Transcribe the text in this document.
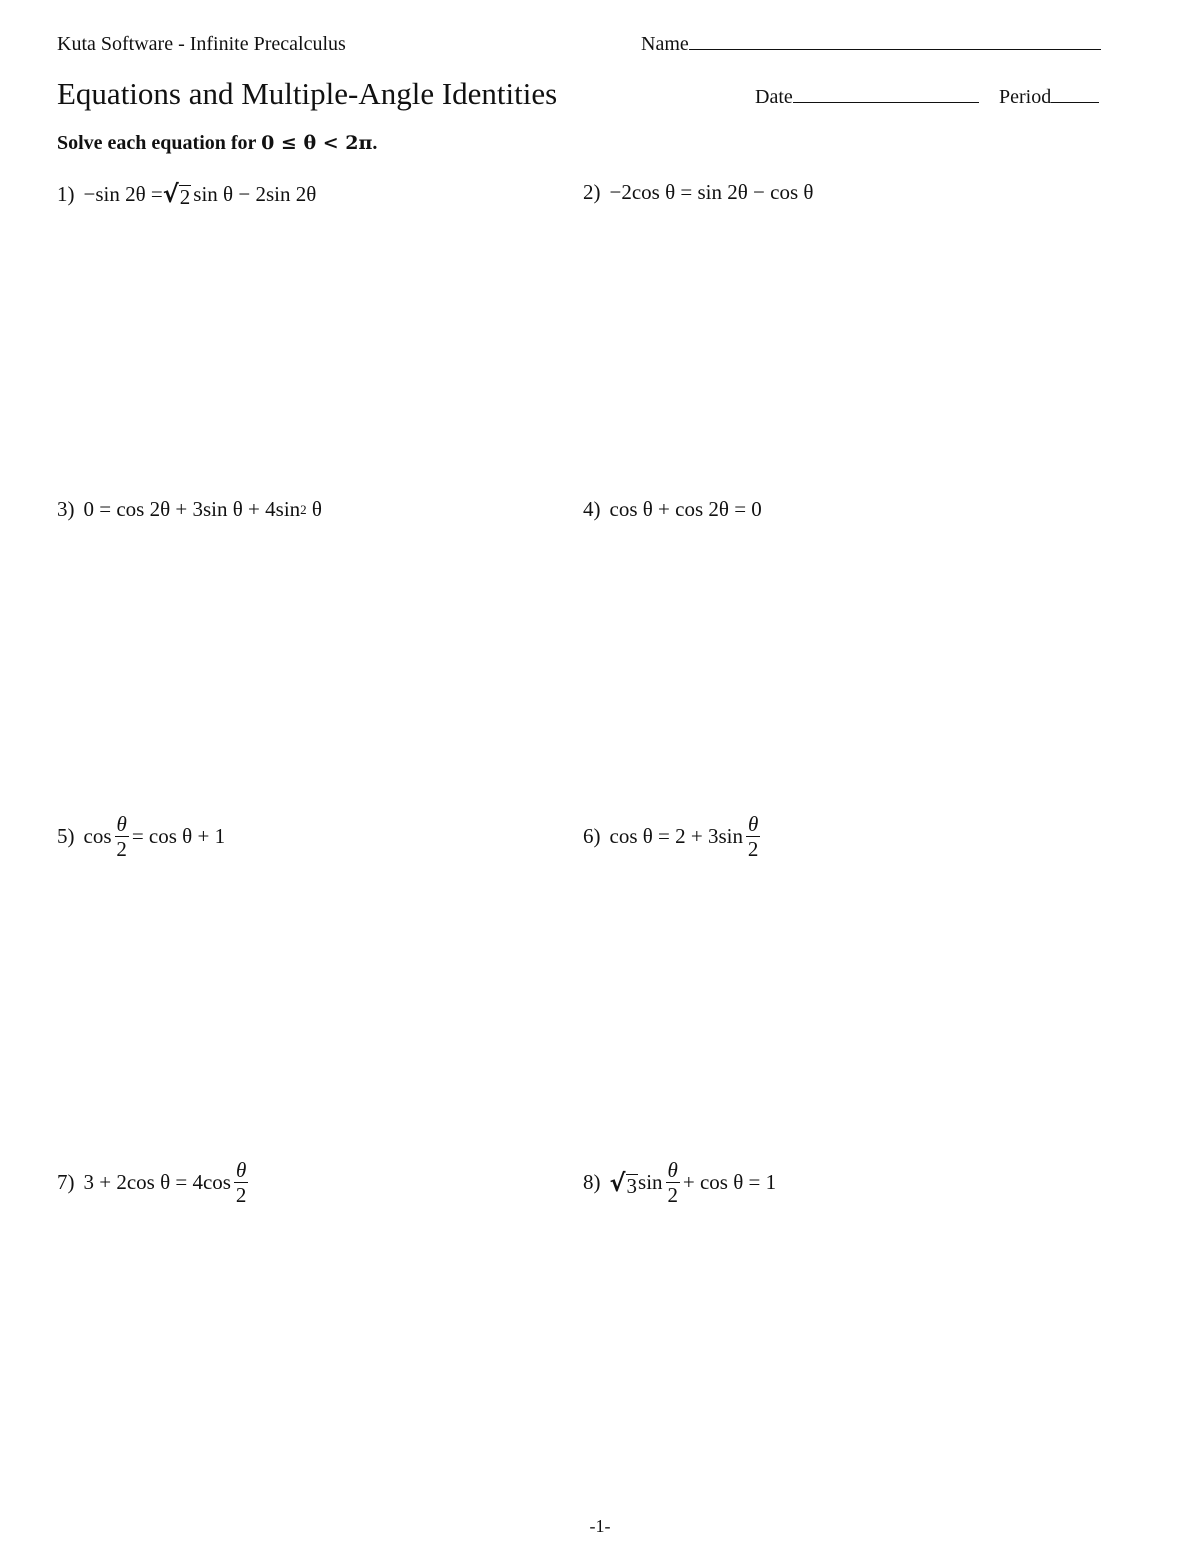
Kuta Software - Infinite Precalculus	Name
Equations and Multiple-Angle Identities	Date	Period
Solve each equation for 0 ≤ θ < 2π.
1) −sin 2θ = √ 2 sin θ − 2sin 2θ	2) −2cos θ = sin 2θ − cos θ
3) 0 = cos 2θ + 3sin θ + 4sin 2 θ	4) cos θ + cos 2θ = 0
5) $\cos \frac{\theta}{2} = \cos \theta + 1$	6) $\cos \theta = 2 + 3\sin \frac{\theta}{2}$
7) 3 + 2cos $\theta = 4\cos \frac{\theta}{2}$	8) √ 3 $\sin \frac{\theta}{2} + \cos \theta = 1$
-1-
